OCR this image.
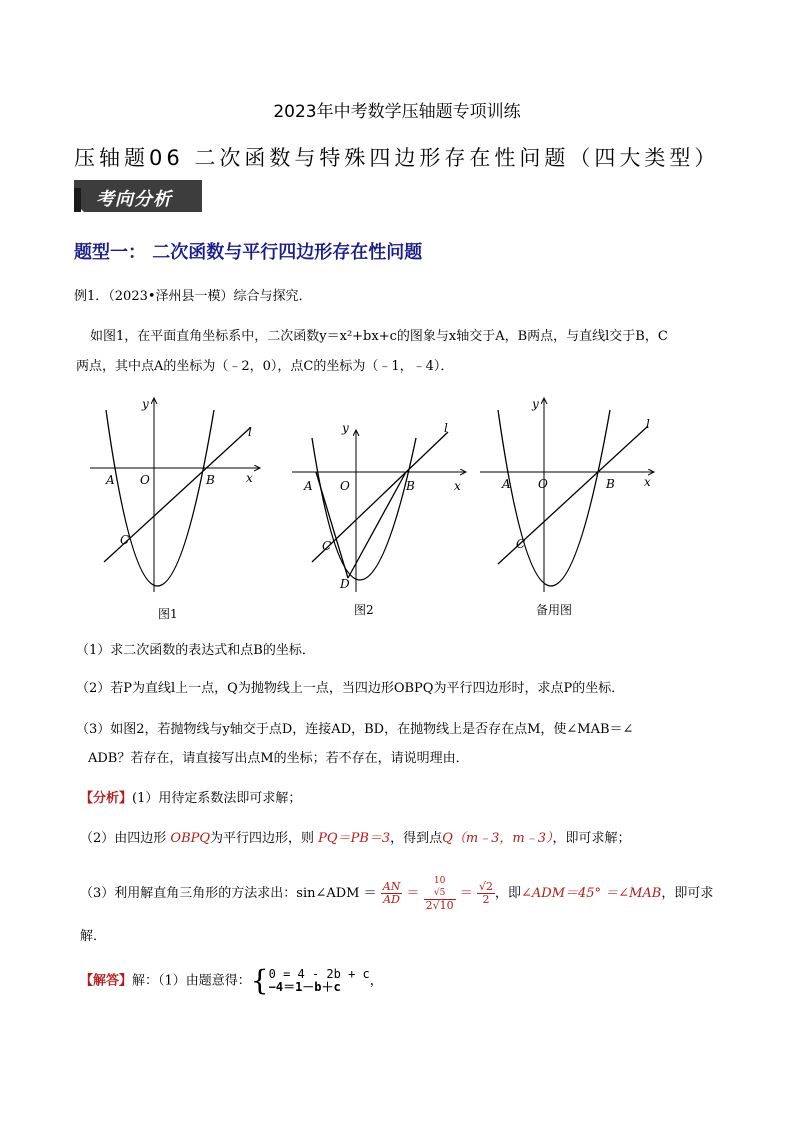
2023年中考数学压轴题专项训练
压轴题06 二次函数与特殊四边形存在性问题（四大类型）
考向分析
题型一： 二次函数与平行四边形存在性问题
例1．（2023•泽州县一模）综合与探究．
如图1，在平面直角坐标系中，二次函数y＝x²+bx+c的图象与x轴交于A，B两点，与直线l交于B，C
两点，其中点A的坐标为（﹣2，0），点C的坐标为（﹣1，﹣4）．
y
x
l
A O	B
C
图1
y
x
l
A O	B
C
D
图2
y
x
l
A O	B
C
备用图
（1）求二次函数的表达式和点B的坐标．
（2）若P为直线l上一点，Q为抛物线上一点，当四边形OBPQ为平行四边形时，求点P的坐标．
（3）如图2，若抛物线与y轴交于点D，连接AD，BD，在抛物线上是否存在点M，使∠MAB＝∠
ADB？若存在，请直接写出点M的坐标；若不存在，请说明理由．
【分析】(1）用待定系数法即可求解；
（2）由四边形 OBPQ为平行四边形，则 PQ＝PB＝3，得到点Q（m﹣3，m﹣3），即可求解；
（3）利用解直角三角形的方法求出：sin∠ADM ＝ $\frac{AN}{AD} = 10$
√5
$2√10 = \frac{√2}{2}$ ，即∠ADM＝45° ＝∠MAB，即可求
解．
【解答】解：（1）由题意得：{ 0 = 4 - 2b + c
−4＝1－b＋c	，
